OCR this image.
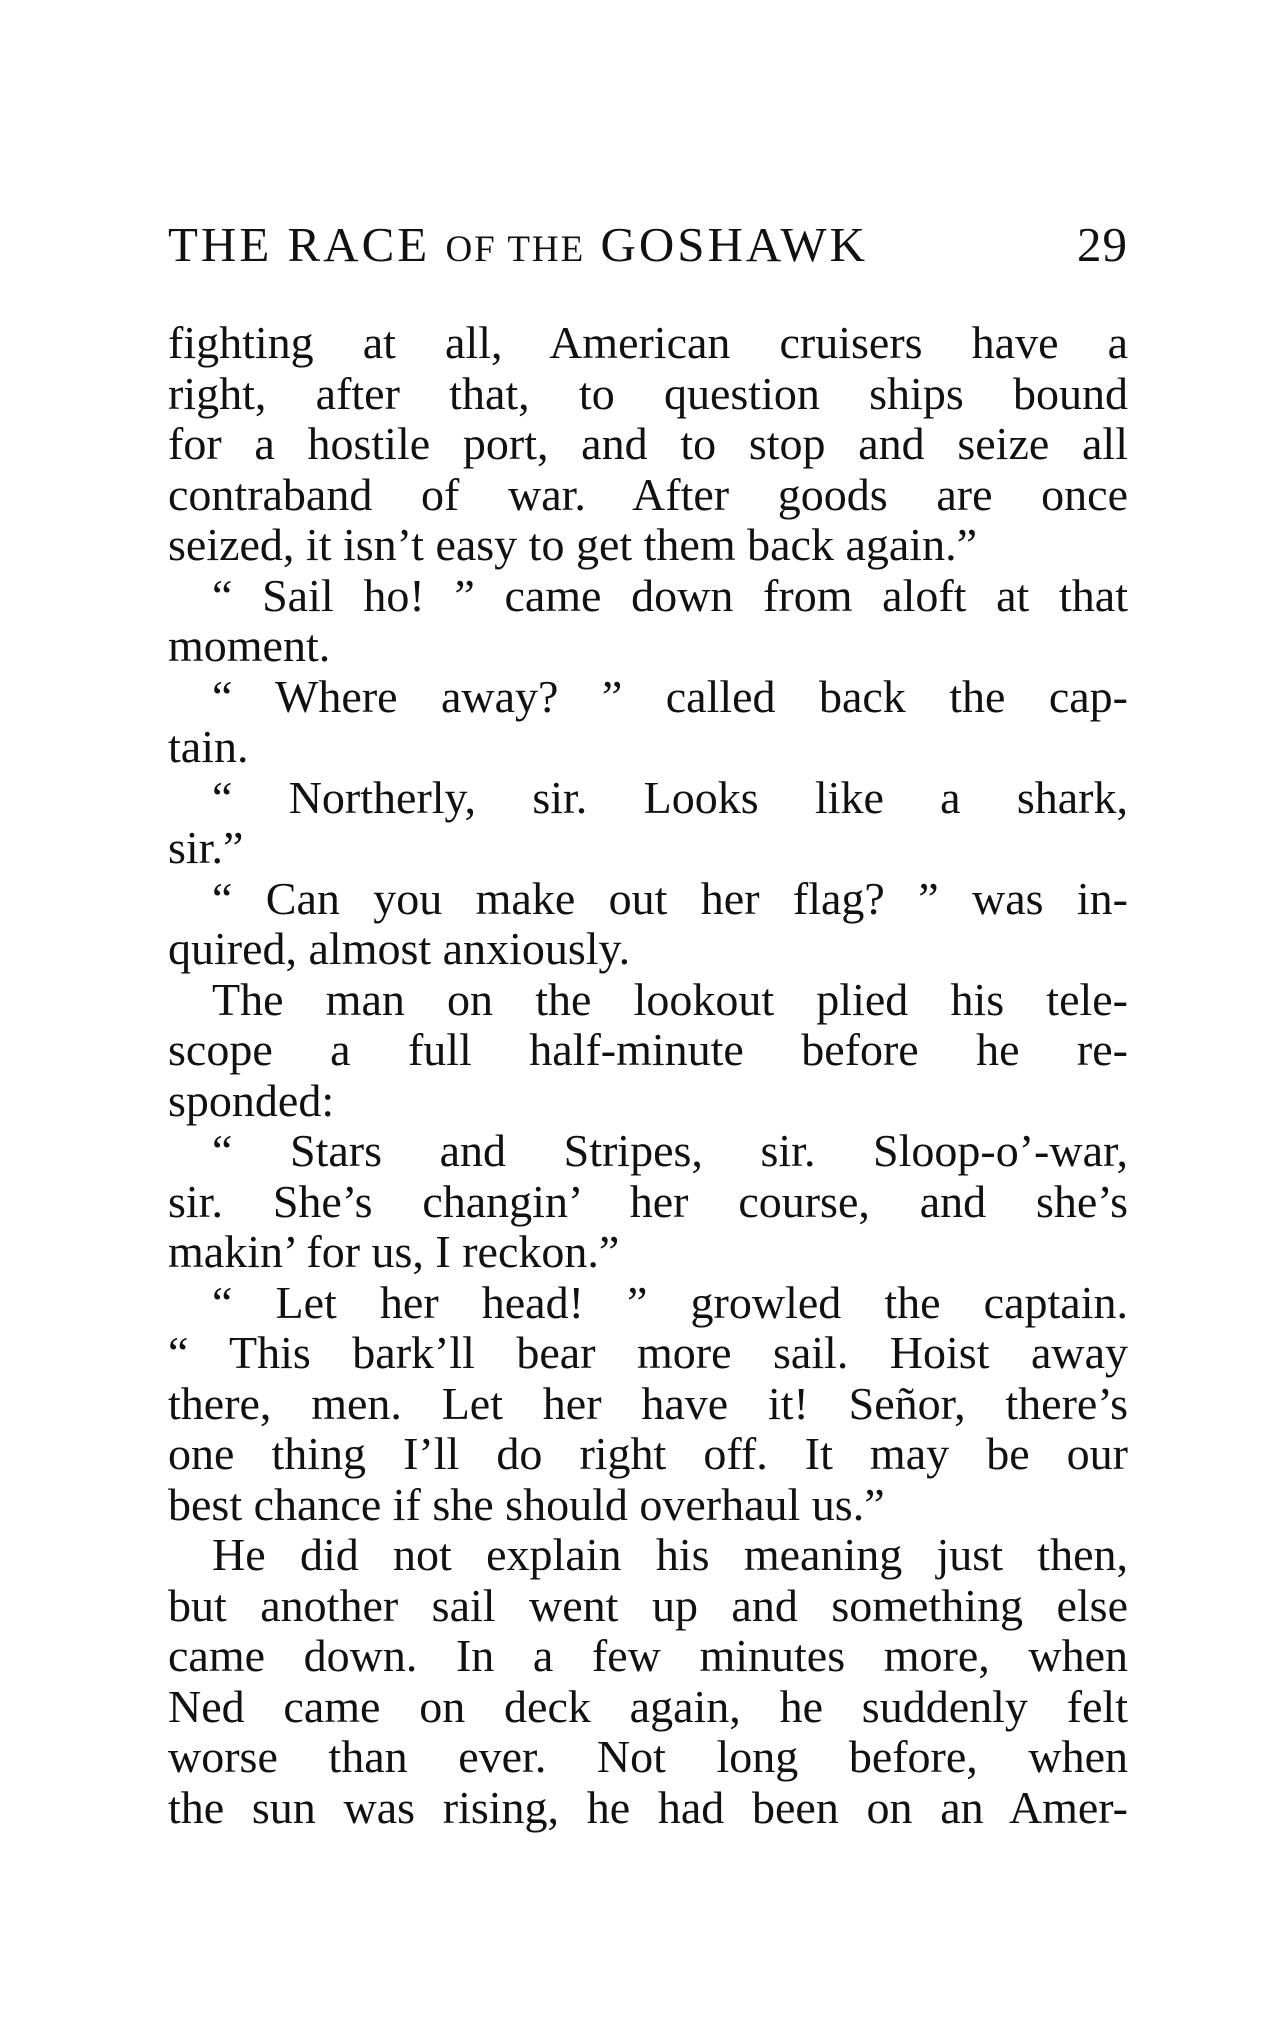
THE RACE OF THE GOSHAWK	29
fighting at all, American cruisers have a
right, after that, to question ships bound
for a hostile port, and to stop and seize all
contraband of war. After goods are once
seized, it isn’t easy to get them back again.”
“ Sail ho! ” came down from aloft at that
moment.
“ Where away? ” called back the cap-
tain.
“ Northerly, sir. Looks like a shark,
sir.”
“ Can you make out her flag? ” was in-
quired, almost anxiously.
The man on the lookout plied his tele-
scope a full half-minute before he re-
sponded:
“ Stars and Stripes, sir. Sloop-o’-war,
sir. She’s changin’ her course, and she’s
makin’ for us, I reckon.”
“ Let her head! ” growled the captain.
“ This bark’ll bear more sail. Hoist away
there, men. Let her have it! Señor, there’s
one thing I’ll do right off. It may be our
best chance if she should overhaul us.”
He did not explain his meaning just then,
but another sail went up and something else
came down. In a few minutes more, when
Ned came on deck again, he suddenly felt
worse than ever. Not long before, when
the sun was rising, he had been on an Amer-
